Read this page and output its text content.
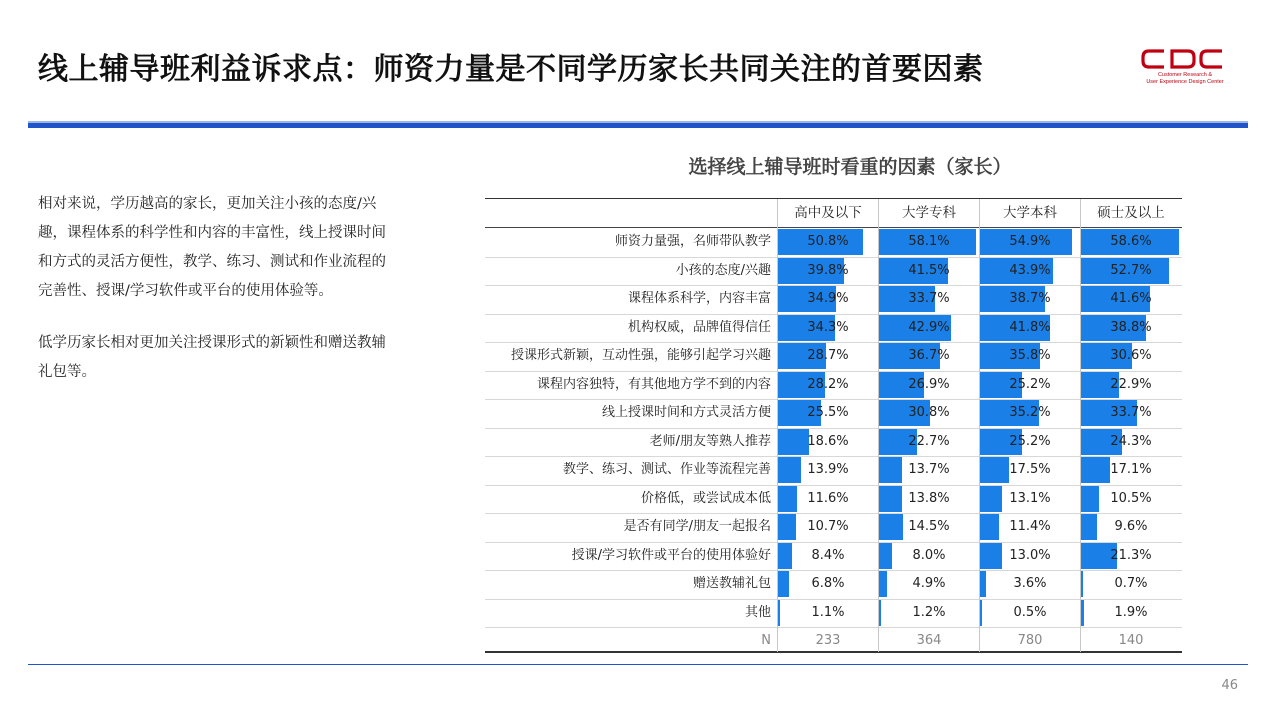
线上辅导班利益诉求点：师资力量是不同学历家长共同关注的首要因素	Customer Research &
User Experience Design Center

相对来说，学历越高的家长，更加关注小孩的态度/兴趣，课程体系的科学性和内容的丰富性，线上授课时间和方式的灵活方便性，教学、练习、测试和作业流程的完善性、授课/学习软件或平台的使用体验等。

低学历家长相对更加关注授课形式的新颖性和赠送教辅礼包等。

选择线上辅导班时看重的因素（家长）
高中及以下	大学专科	大学本科	硕士及以上
师资力量强，名师带队教学	50.8%	58.1%	54.9%	58.6%
小孩的态度/兴趣	39.8%	41.5%	43.9%	52.7%
课程体系科学，内容丰富	34.9%	33.7%	38.7%	41.6%
机构权威，品牌值得信任	34.3%	42.9%	41.8%	38.8%
授课形式新颖，互动性强，能够引起学习兴趣	28.7%	36.7%	35.8%	30.6%
课程内容独特，有其他地方学不到的内容	28.2%	26.9%	25.2%	22.9%
线上授课时间和方式灵活方便	25.5%	30.8%	35.2%	33.7%
老师/朋友等熟人推荐	18.6%	22.7%	25.2%	24.3%
教学、练习、测试、作业等流程完善	13.9%	13.7%	17.5%	17.1%
价格低，或尝试成本低	11.6%	13.8%	13.1%	10.5%
是否有同学/朋友一起报名	10.7%	14.5%	11.4%	9.6%
授课/学习软件或平台的使用体验好	8.4%	8.0%	13.0%	21.3%
赠送教辅礼包	6.8%	4.9%	3.6%	0.7%
其他	1.1%	1.2%	0.5%	1.9%
N	233	364	780	140
46
